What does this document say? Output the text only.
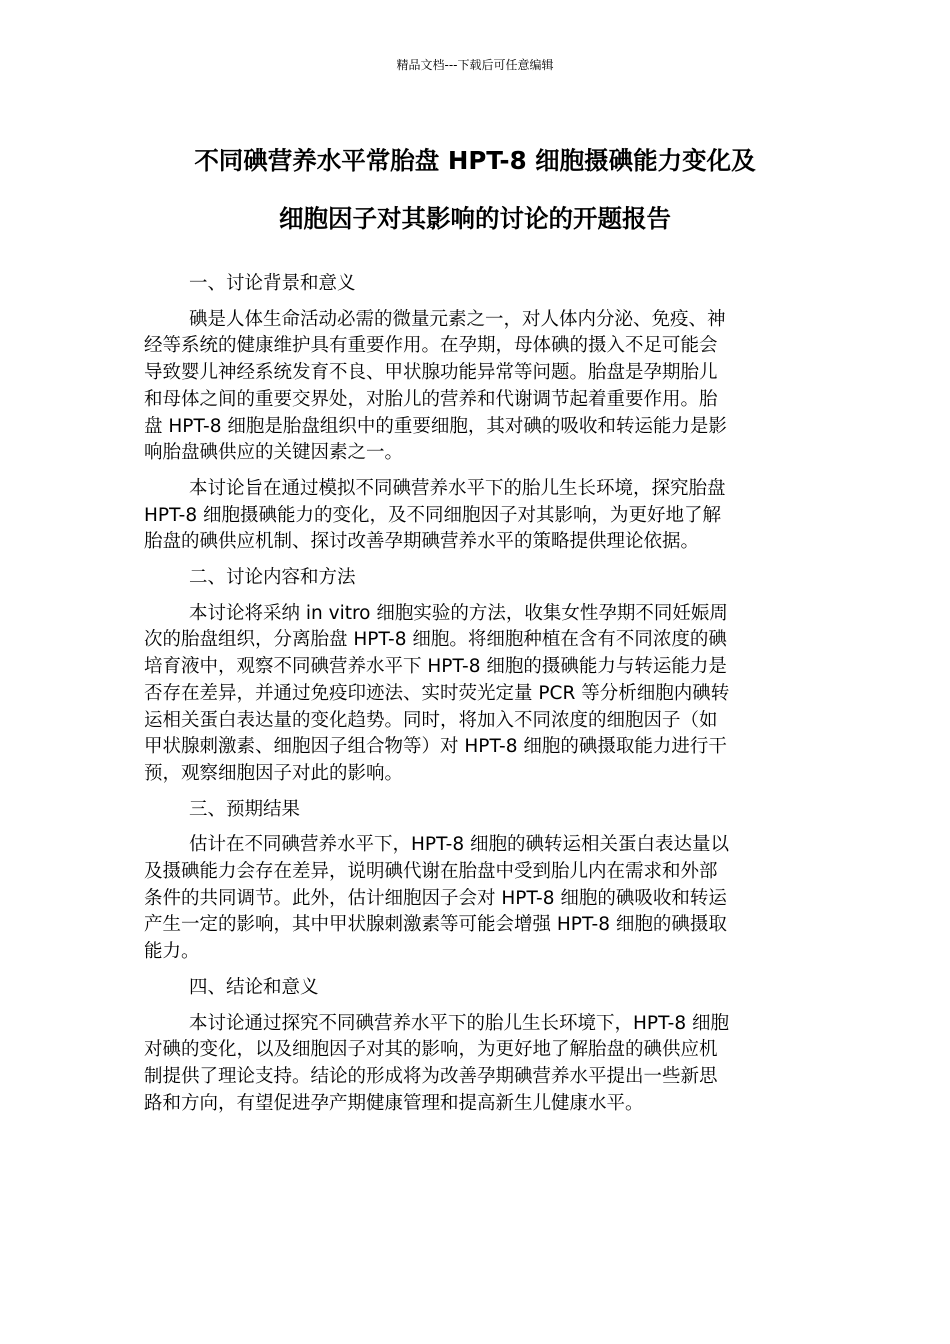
精品文档---下载后可任意编辑
不同碘营养水平常胎盘 HPT-8 细胞摄碘能力变化及
细胞因子对其影响的讨论的开题报告
一、讨论背景和意义
碘是人体生命活动必需的微量元素之一，对人体内分泌、免疫、神
经等系统的健康维护具有重要作用。在孕期，母体碘的摄入不足可能会
导致婴儿神经系统发育不良、甲状腺功能异常等问题。胎盘是孕期胎儿
和母体之间的重要交界处，对胎儿的营养和代谢调节起着重要作用。胎
盘 HPT-8 细胞是胎盘组织中的重要细胞，其对碘的吸收和转运能力是影
响胎盘碘供应的关键因素之一。
本讨论旨在通过模拟不同碘营养水平下的胎儿生长环境，探究胎盘
HPT-8 细胞摄碘能力的变化，及不同细胞因子对其影响，为更好地了解
胎盘的碘供应机制、探讨改善孕期碘营养水平的策略提供理论依据。
二、讨论内容和方法
本讨论将采纳 in vitro 细胞实验的方法，收集女性孕期不同妊娠周
次的胎盘组织，分离胎盘 HPT-8 细胞。将细胞种植在含有不同浓度的碘
培育液中，观察不同碘营养水平下 HPT-8 细胞的摄碘能力与转运能力是
否存在差异，并通过免疫印迹法、实时荧光定量 PCR 等分析细胞内碘转
运相关蛋白表达量的变化趋势。同时，将加入不同浓度的细胞因子（如
甲状腺刺激素、细胞因子组合物等）对 HPT-8 细胞的碘摄取能力进行干
预，观察细胞因子对此的影响。
三、预期结果
估计在不同碘营养水平下，HPT-8 细胞的碘转运相关蛋白表达量以
及摄碘能力会存在差异，说明碘代谢在胎盘中受到胎儿内在需求和外部
条件的共同调节。此外，估计细胞因子会对 HPT-8 细胞的碘吸收和转运
产生一定的影响，其中甲状腺刺激素等可能会增强 HPT-8 细胞的碘摄取
能力。
四、结论和意义
本讨论通过探究不同碘营养水平下的胎儿生长环境下，HPT-8 细胞
对碘的变化，以及细胞因子对其的影响，为更好地了解胎盘的碘供应机
制提供了理论支持。结论的形成将为改善孕期碘营养水平提出一些新思
路和方向，有望促进孕产期健康管理和提高新生儿健康水平。
